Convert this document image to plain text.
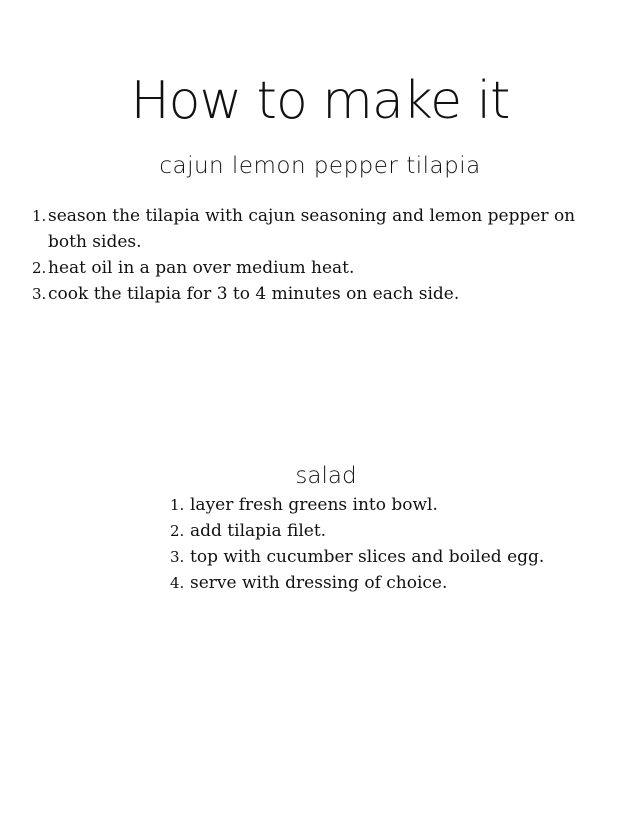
How to make it
cajun lemon pepper tilapia
1. season the tilapia with cajun seasoning and lemon pepper on both sides.
2. heat oil in a pan over medium heat.
3. cook the tilapia for 3 to 4 minutes on each side.
salad
1. layer fresh greens into bowl.
2. add tilapia filet.
3. top with cucumber slices and boiled egg.
4. serve with dressing of choice.
